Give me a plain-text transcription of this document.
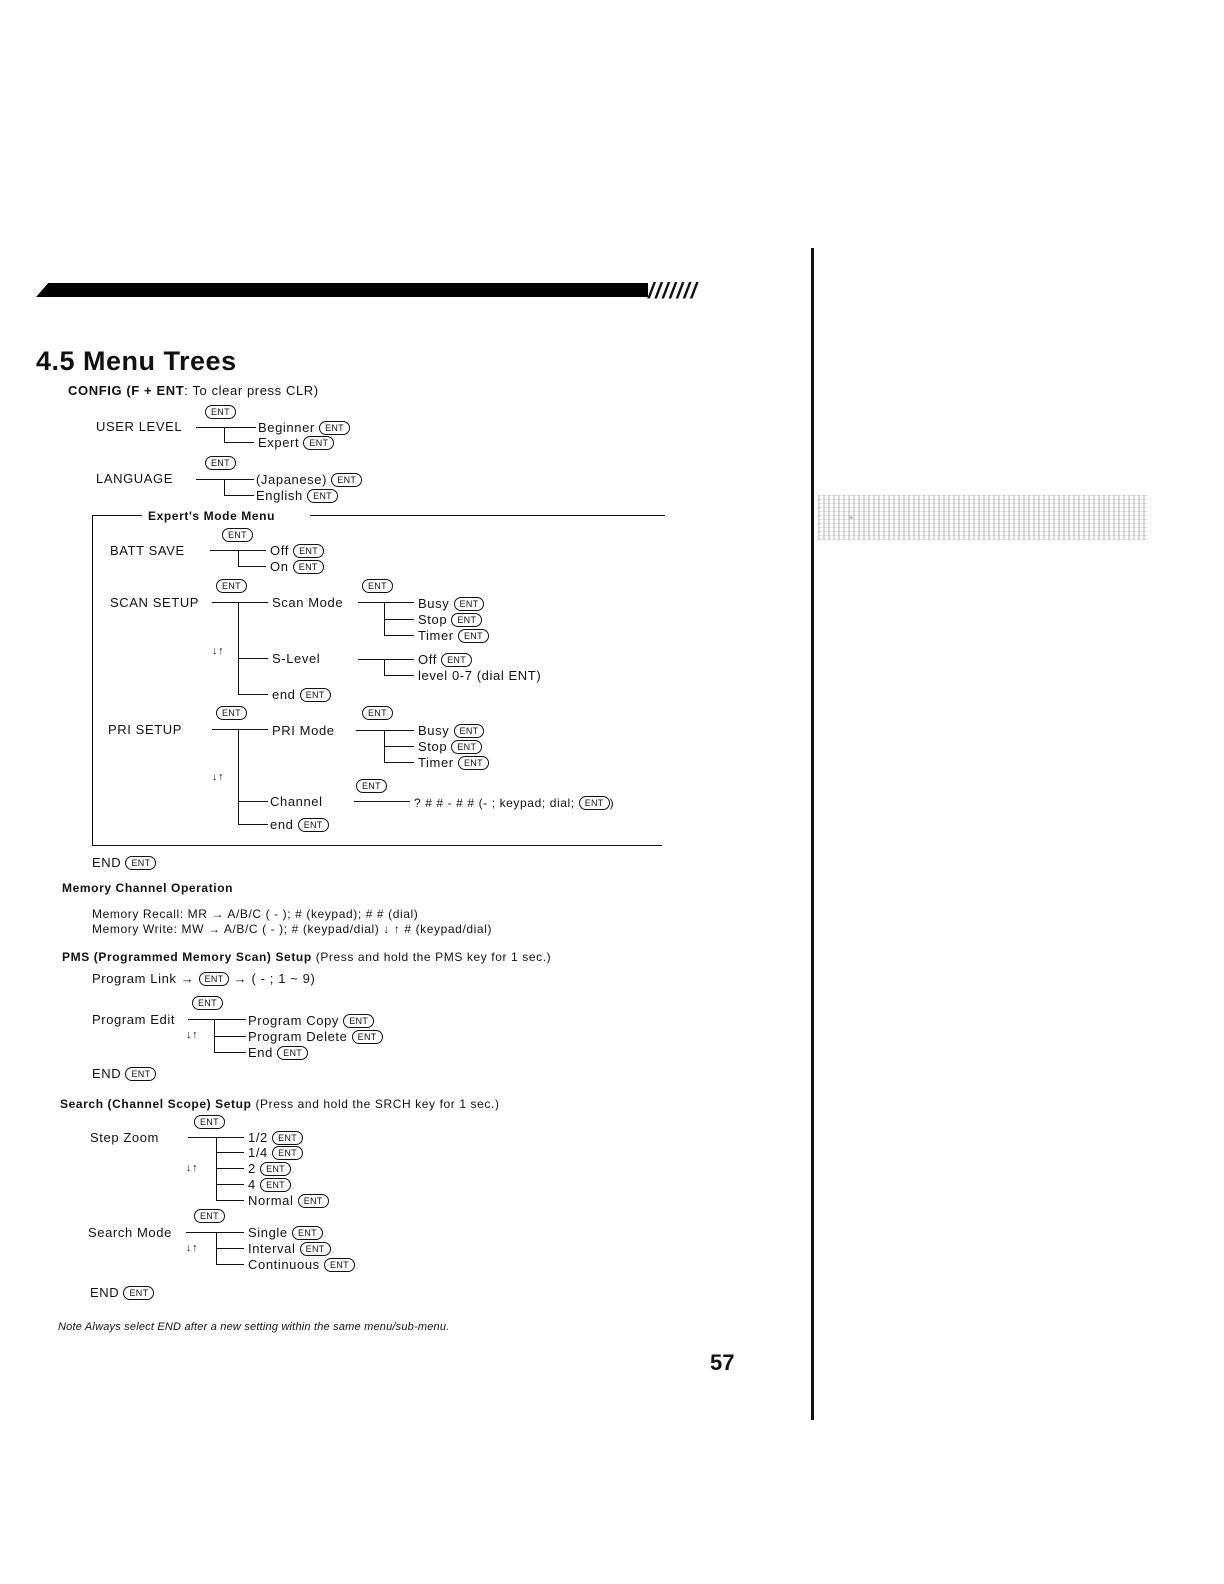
///////
4.5 Menu Trees
CONFIG (F + ENT: To clear press CLR)
ENT
USER LEVEL	Beginner ENT
Expert ENT
ENT
LANGUAGE	(Japanese) ENT
English ENT
Expert's Mode Menu
ENT
BATT SAVE	Off ENT
On ENT
ENT	ENT
SCAN SETUP	Scan Mode	Busy ENT
Stop ENT
Timer ENT
↓↑	S-Level	Off ENT
level 0-7 (dial ENT)
end ENT
ENT	ENT
PRI SETUP	PRI Mode	Busy ENT
Stop ENT
Timer ENT
↓↑
ENT
Channel	? # # - # # (- ; keypad; dial; ENT )
end ENT
END ENT
Memory Channel Operation
Memory Recall: MR → A/B/C ( - ); # (keypad); # # (dial)
Memory Write: MW → A/B/C ( - ); # (keypad/dial) ↓ ↑ # (keypad/dial)
PMS (Programmed Memory Scan) Setup (Press and hold the PMS key for 1 sec.)
Program Link → ENT → ( - ; 1 ~ 9)
ENT
Program Edit
↓↑
Program Copy ENT
Program Delete ENT
End ENT
END ENT
Search (Channel Scope) Setup (Press and hold the SRCH key for 1 sec.)
ENT
Step Zoom
↓↑
1/2 ENT
1/4 ENT
2 ENT
4 ENT
Normal ENT
ENT
Search Mode
↓↑
Single ENT
Interval ENT
Continuous ENT
END ENT
Note Always select END after a new setting within the same menu/sub-menu.
57
